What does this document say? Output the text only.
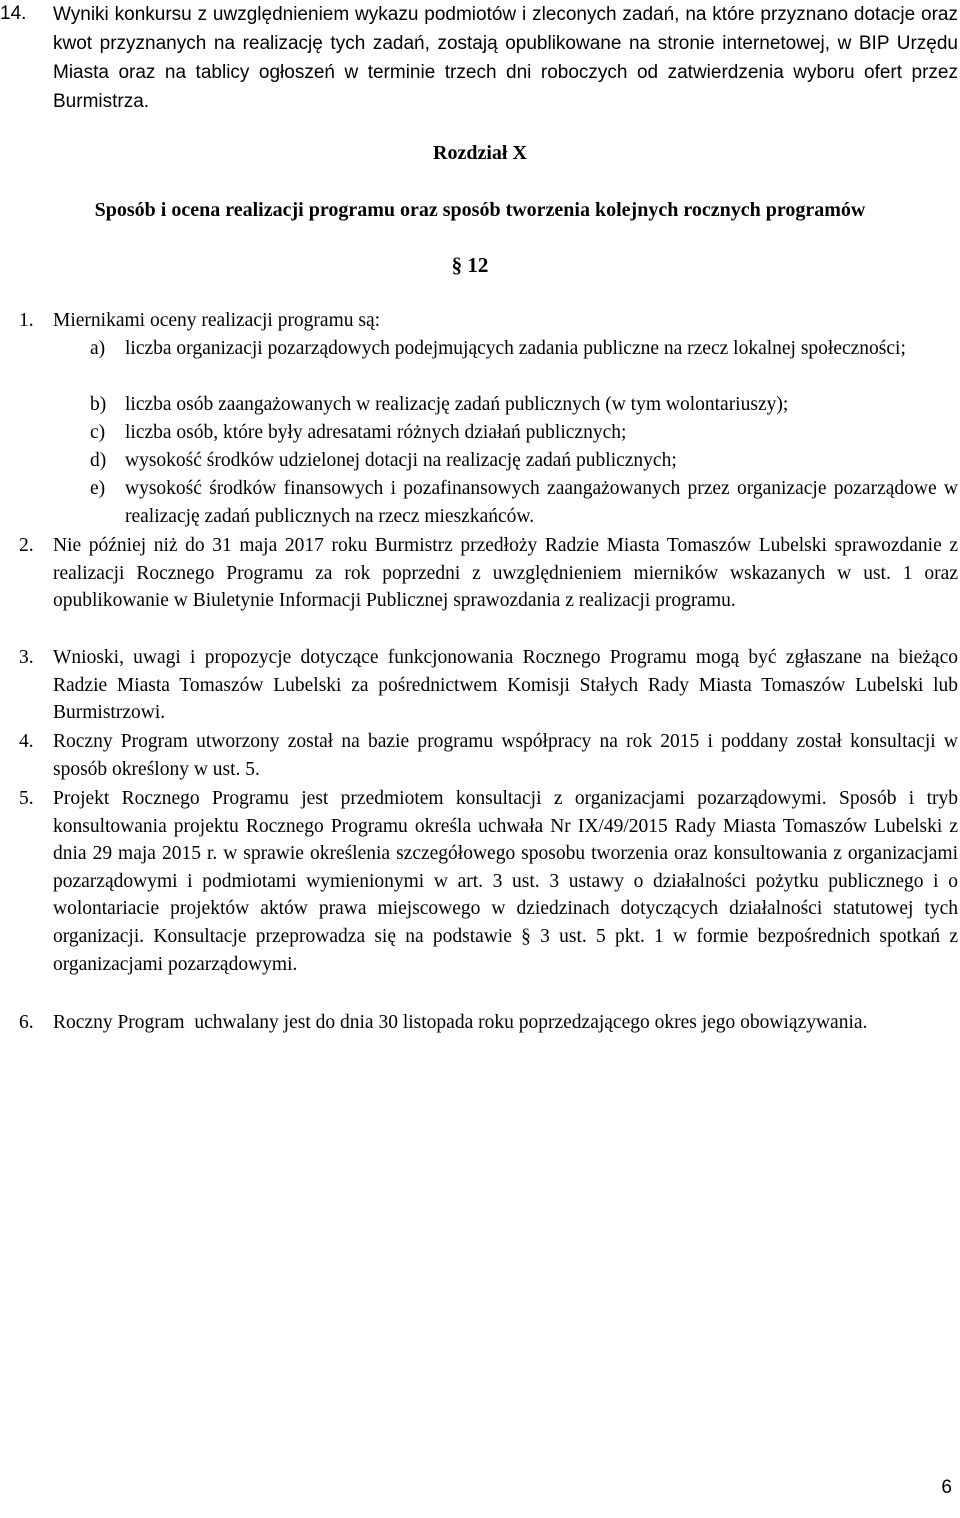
14. Wyniki konkursu z uwzględnieniem wykazu podmiotów i zleconych zadań, na które przyznano dotacje oraz kwot przyznanych na realizację tych zadań, zostają opublikowane na stronie internetowej, w BIP Urzędu Miasta oraz na tablicy ogłoszeń w terminie trzech dni roboczych od zatwierdzenia wyboru ofert przez Burmistrza.
Rozdział X
Sposób i ocena realizacji programu oraz sposób tworzenia kolejnych rocznych programów
§ 12
1. Miernikami oceny realizacji programu są:
a) liczba organizacji pozarządowych podejmujących zadania publiczne na rzecz lokalnej społeczności;
b) liczba osób zaangażowanych w realizację zadań publicznych (w tym wolontariuszy);
c) liczba osób, które były adresatami różnych działań publicznych;
d) wysokość środków udzielonej dotacji na realizację zadań publicznych;
e) wysokość środków finansowych i pozafinansowych zaangażowanych przez organizacje pozarządowe w realizację zadań publicznych na rzecz mieszkańców.
2. Nie później niż do 31 maja 2017 roku Burmistrz przedłoży Radzie Miasta Tomaszów Lubelski sprawozdanie z realizacji Rocznego Programu za rok poprzedni z uwzględnieniem mierników wskazanych w ust. 1 oraz opublikowanie w Biuletynie Informacji Publicznej sprawozdania z realizacji programu.
3. Wnioski, uwagi i propozycje dotyczące funkcjonowania Rocznego Programu mogą być zgłaszane na bieżąco Radzie Miasta Tomaszów Lubelski za pośrednictwem Komisji Stałych Rady Miasta Tomaszów Lubelski lub Burmistrzowi.
4. Roczny Program utworzony został na bazie programu współpracy na rok 2015 i poddany został konsultacji w sposób określony w ust. 5.
5. Projekt Rocznego Programu jest przedmiotem konsultacji z organizacjami pozarządowymi. Sposób i tryb konsultowania projektu Rocznego Programu określa uchwała Nr IX/49/2015 Rady Miasta Tomaszów Lubelski z dnia 29 maja 2015 r. w sprawie określenia szczegółowego sposobu tworzenia oraz konsultowania z organizacjami pozarządowymi i podmiotami wymienionymi w art. 3 ust. 3 ustawy o działalności pożytku publicznego i o wolontariacie projektów aktów prawa miejscowego w dziedzinach dotyczących działalności statutowej tych organizacji. Konsultacje przeprowadza się na podstawie § 3 ust. 5 pkt. 1 w formie bezpośrednich spotkań z organizacjami pozarządowymi.
6. Roczny Program  uchwalany jest do dnia 30 listopada roku poprzedzającego okres jego obowiązywania.
6
